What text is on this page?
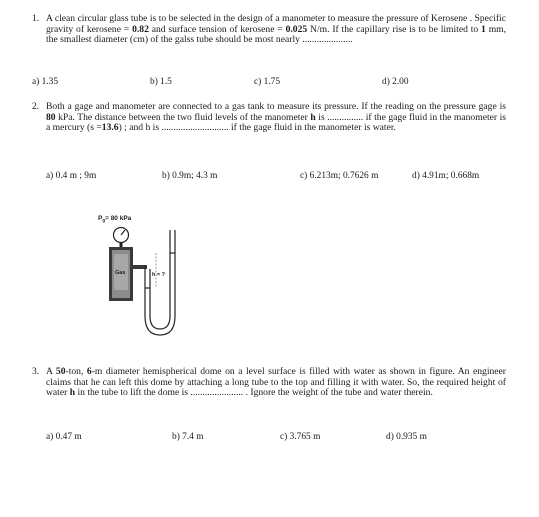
1. A clean circular glass tube is to be selected in the design of a manometer to measure the pressure of Kerosene . Specific gravity of kerosene = 0.82 and surface tension of kerosene = 0.025 N/m. If the capillary rise is to be limited to 1 mm, the smallest diameter (cm) of the galss tube should be most nearly .....................
a) 1.35	b) 1.5	c) 1.75	d) 2.00
2. Both a gage and manometer are connected to a gas tank to measure its pressure. If the reading on the pressure gage is 80 kPa. The distance between the two fluid levels of the manometer h is ............... if the gage fluid in the manometer is a mercury (s =13.6) ; and h is ............................ if the gage fluid in the manometer is water.
a) 0.4 m ; 9m	b) 0.9m; 4.3 m	c) 6.213m; 0.7626 m	d) 4.91m; 0.668m
$P_g= 80$ kPa
Gas	h = ?
3. A 50-ton, 6-m diameter hemispherical dome on a level surface is filled with water as shown in figure. An engineer claims that he can left this dome by attaching a long tube to the top and filling it with water. So, the required height of water h in the tube to lift the dome is ...................... . Ignore the weight of the tube and water therein.
a) 0.47 m	b) 7.4 m	c) 3.765 m	d) 0.935 m
